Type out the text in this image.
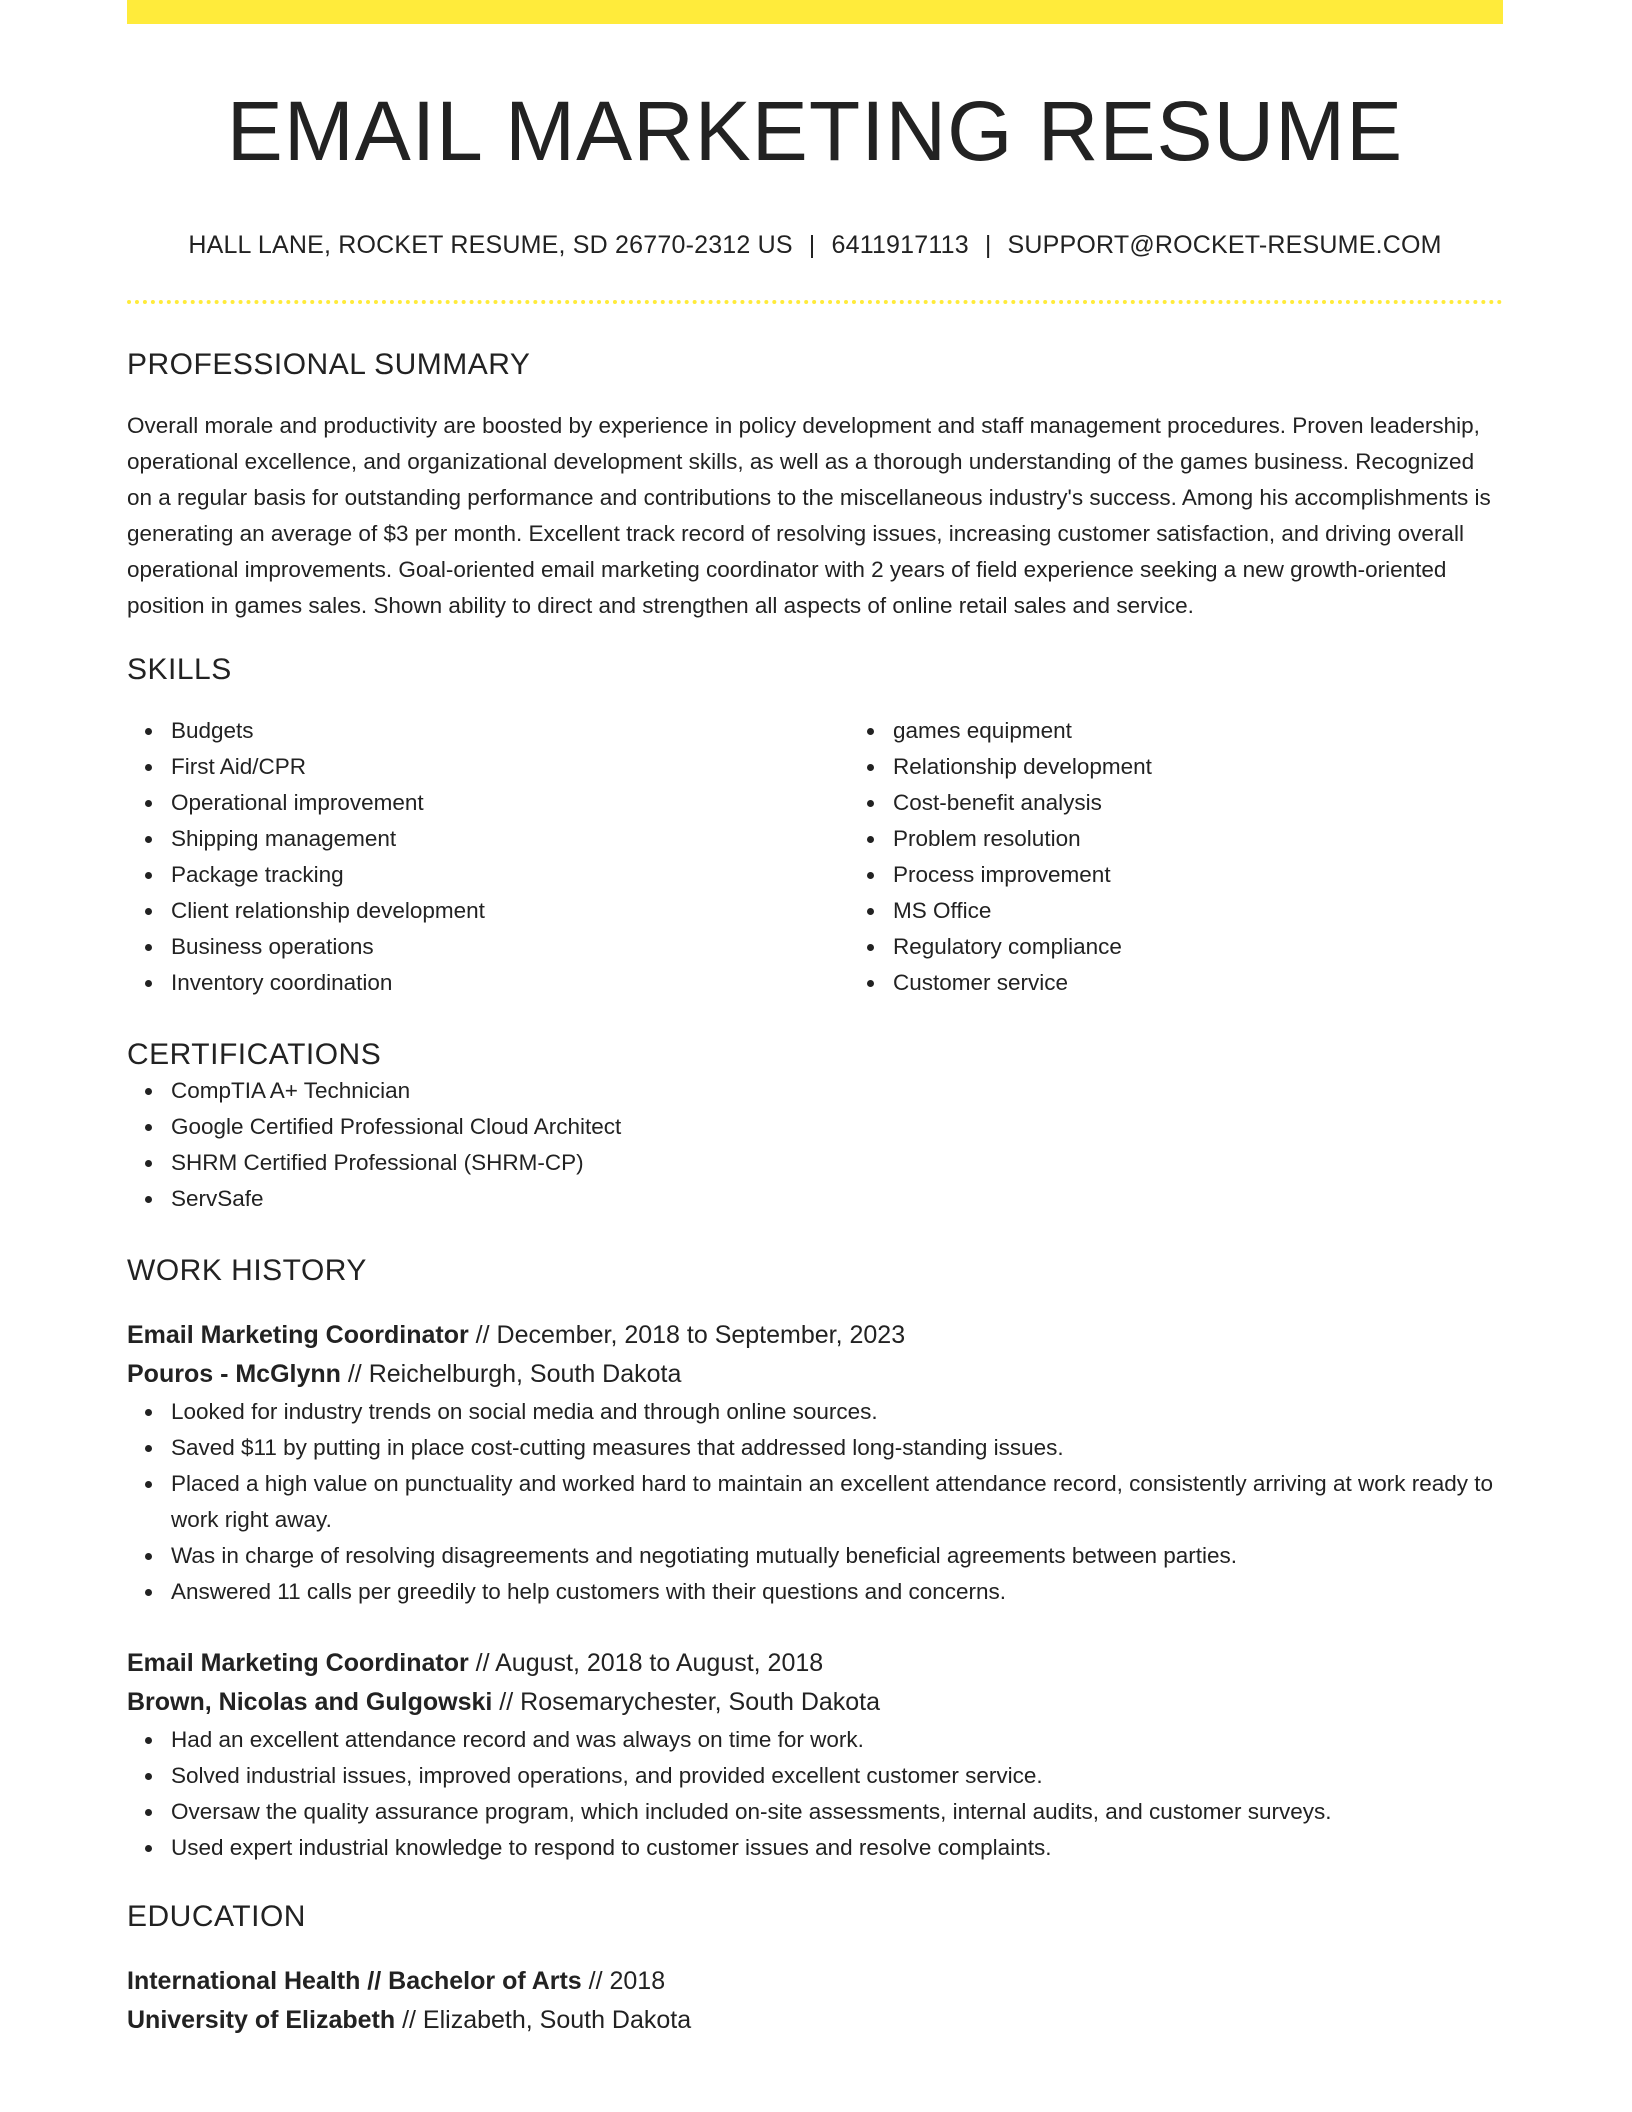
EMAIL MARKETING RESUME
HALL LANE, ROCKET RESUME, SD 26770-2312 US | 6411917113 | SUPPORT@ROCKET-RESUME.COM
PROFESSIONAL SUMMARY

Overall morale and productivity are boosted by experience in policy development and staff management procedures. Proven leadership, operational excellence, and organizational development skills, as well as a thorough understanding of the games business. Recognized on a regular basis for outstanding performance and contributions to the miscellaneous industry's success. Among his accomplishments is generating an average of $3 per month. Excellent track record of resolving issues, increasing customer satisfaction, and driving overall operational improvements. Goal-oriented email marketing coordinator with 2 years of field experience seeking a new growth-oriented position in games sales. Shown ability to direct and strengthen all aspects of online retail sales and service.

SKILLS
Budgets
First Aid/CPR
Operational improvement
Shipping management
Package tracking
Client relationship development
Business operations
Inventory coordination
games equipment
Relationship development
Cost-benefit analysis
Problem resolution
Process improvement
MS Office
Regulatory compliance
Customer service
CERTIFICATIONS
CompTIA A+ Technician
Google Certified Professional Cloud Architect
SHRM Certified Professional (SHRM-CP)
ServSafe
WORK HISTORY
Email Marketing Coordinator // December, 2018 to September, 2023
Pouros - McGlynn // Reichelburgh, South Dakota
Looked for industry trends on social media and through online sources.
Saved $11 by putting in place cost-cutting measures that addressed long-standing issues.
Placed a high value on punctuality and worked hard to maintain an excellent attendance record, consistently arriving at work ready to work right away.
Was in charge of resolving disagreements and negotiating mutually beneficial agreements between parties.
Answered 11 calls per greedily to help customers with their questions and concerns.
Email Marketing Coordinator // August, 2018 to August, 2018
Brown, Nicolas and Gulgowski // Rosemarychester, South Dakota
Had an excellent attendance record and was always on time for work.
Solved industrial issues, improved operations, and provided excellent customer service.
Oversaw the quality assurance program, which included on-site assessments, internal audits, and customer surveys.
Used expert industrial knowledge to respond to customer issues and resolve complaints.
EDUCATION
International Health // Bachelor of Arts // 2018
University of Elizabeth // Elizabeth, South Dakota
